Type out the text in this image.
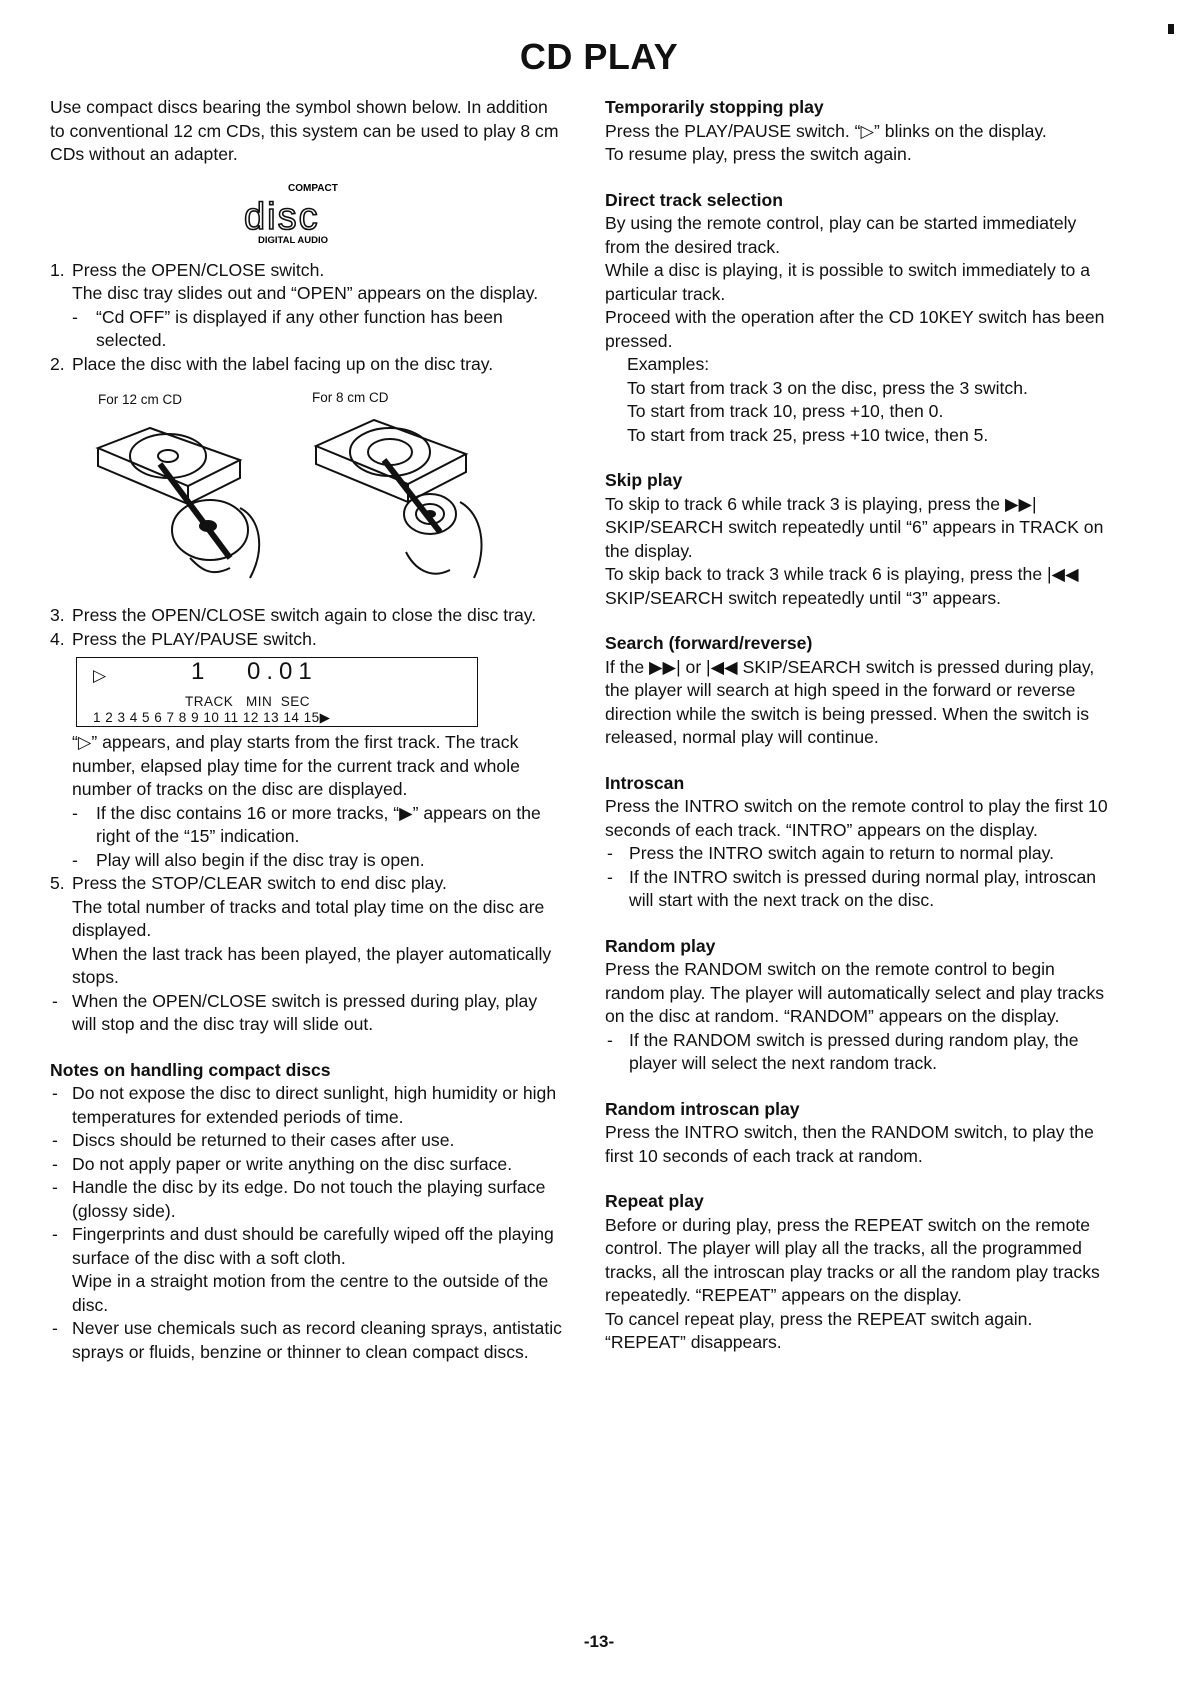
CD PLAY

Use compact discs bearing the symbol shown below. In addition to conventional 12 cm CDs, this system can be used to play 8 cm CDs without an adapter.

COMPACT
disc
DIGITAL AUDIO
1. Press the OPEN/CLOSE switch.

The disc tray slides out and “OPEN” appears on the display.

- “Cd OFF” is displayed if any other function has been selected.

2. Place the disc with the label facing up on the disc tray.
For 12 cm CD	For 8 cm CD
3. Press the OPEN/CLOSE switch again to close the disc tray.
4. Press the PLAY/PAUSE switch.
▷	1 0.01
TRACK   MIN  SEC
1 2 3 4 5 6 7 8 9 10 11 12 13 14 15▶

“▷” appears, and play starts from the first track. The track number, elapsed play time for the current track and whole number of tracks on the disc are displayed.

- If the disc contains 16 or more tracks, “▶” appears on the right of the “15” indication.

- Play will also begin if the disc tray is open.

5. Press the STOP/CLEAR switch to end disc play.

The total number of tracks and total play time on the disc are displayed.

When the last track has been played, the player automatically stops.

- When the OPEN/CLOSE switch is pressed during play, play will stop and the disc tray will slide out.

Notes on handling compact discs

- Do not expose the disc to direct sunlight, high humidity or high temperatures for extended periods of time.

- Discs should be returned to their cases after use.

- Do not apply paper or write anything on the disc surface.

- Handle the disc by its edge. Do not touch the playing surface (glossy side).

- Fingerprints and dust should be carefully wiped off the playing surface of the disc with a soft cloth.

Wipe in a straight motion from the centre to the outside of the disc.

- Never use chemicals such as record cleaning sprays, antistatic sprays or fluids, benzine or thinner to clean compact discs.

Temporarily stopping play

Press the PLAY/PAUSE switch. “▷” blinks on the display.

To resume play, press the switch again.

Direct track selection

By using the remote control, play can be started immediately from the desired track.

While a disc is playing, it is possible to switch immediately to a particular track.

Proceed with the operation after the CD 10KEY switch has been pressed.

Examples:

To start from track 3 on the disc, press the 3 switch.

To start from track 10, press +10, then 0.

To start from track 25, press +10 twice, then 5.

Skip play

To skip to track 6 while track 3 is playing, press the ▶▶| SKIP/SEARCH switch repeatedly until “6” appears in TRACK on the display.

To skip back to track 3 while track 6 is playing, press the |◀◀ SKIP/SEARCH switch repeatedly until “3” appears.

Search (forward/reverse)

If the ▶▶| or |◀◀ SKIP/SEARCH switch is pressed during play, the player will search at high speed in the forward or reverse direction while the switch is being pressed. When the switch is released, normal play will continue.

Introscan

Press the INTRO switch on the remote control to play the first 10 seconds of each track. “INTRO” appears on the display.

- Press the INTRO switch again to return to normal play.

- If the INTRO switch is pressed during normal play, introscan will start with the next track on the disc.

Random play

Press the RANDOM switch on the remote control to begin random play. The player will automatically select and play tracks on the disc at random. “RANDOM” appears on the display.

- If the RANDOM switch is pressed during random play, the player will select the next random track.

Random introscan play

Press the INTRO switch, then the RANDOM switch, to play the first 10 seconds of each track at random.

Repeat play

Before or during play, press the REPEAT switch on the remote control. The player will play all the tracks, all the programmed tracks, all the introscan play tracks or all the random play tracks repeatedly. “REPEAT” appears on the display.

To cancel repeat play, press the REPEAT switch again. “REPEAT” disappears.

-13-
